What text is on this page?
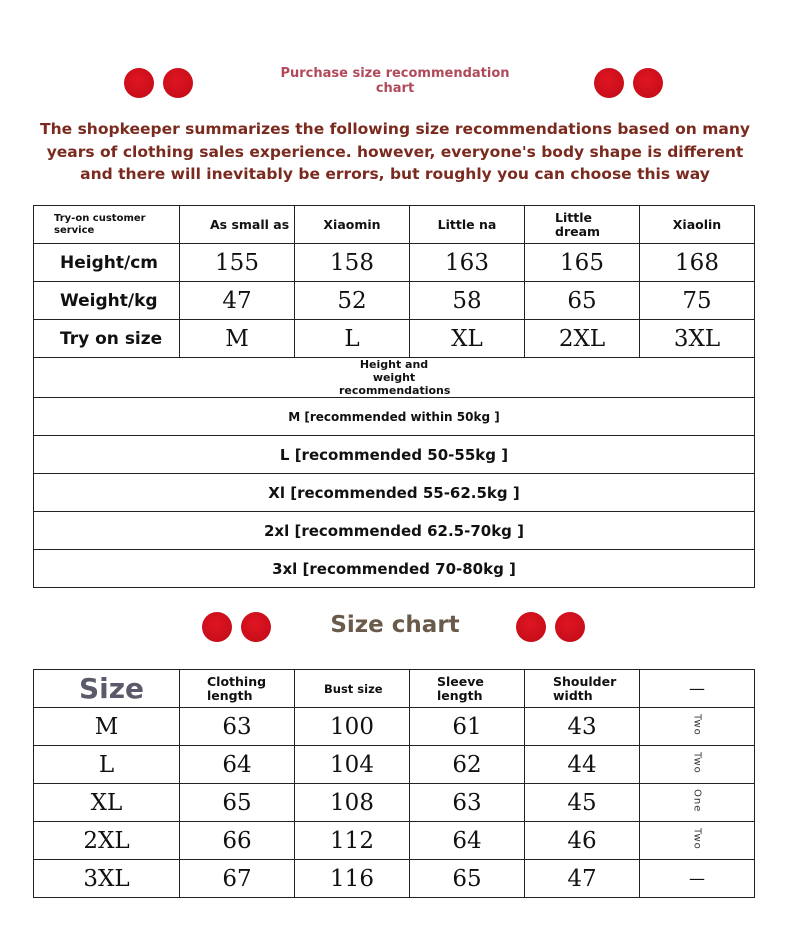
Purchase size recommendation chart
The shopkeeper summarizes the following size recommendations based on many years of clothing sales experience. however, everyone's body shape is different and there will inevitably be errors, but roughly you can choose this way
Try-on customer service	As small as	Xiaomin	Little na	Little dream	Xiaolin
Height/cm	155	158	163	165	168
Weight/kg	47	52	58	65	75
Try on size	M	L	XL	2XL	3XL
Height and weight recommendations					
M [recommended within 50kg ]					
L [recommended 50-55kg ]					
Xl [recommended 55-62.5kg ]					
2xl [recommended 62.5-70kg ]					
3xl [recommended 70-80kg ]					
Size chart
Size	Clothing length	Bust size	Sleeve length	Shoulder width	—
M	63	100	61	43	Two
L	64	104	62	44	Two
XL	65	108	63	45	One
2XL	66	112	64	46	Two
3XL	67	116	65	47	—
